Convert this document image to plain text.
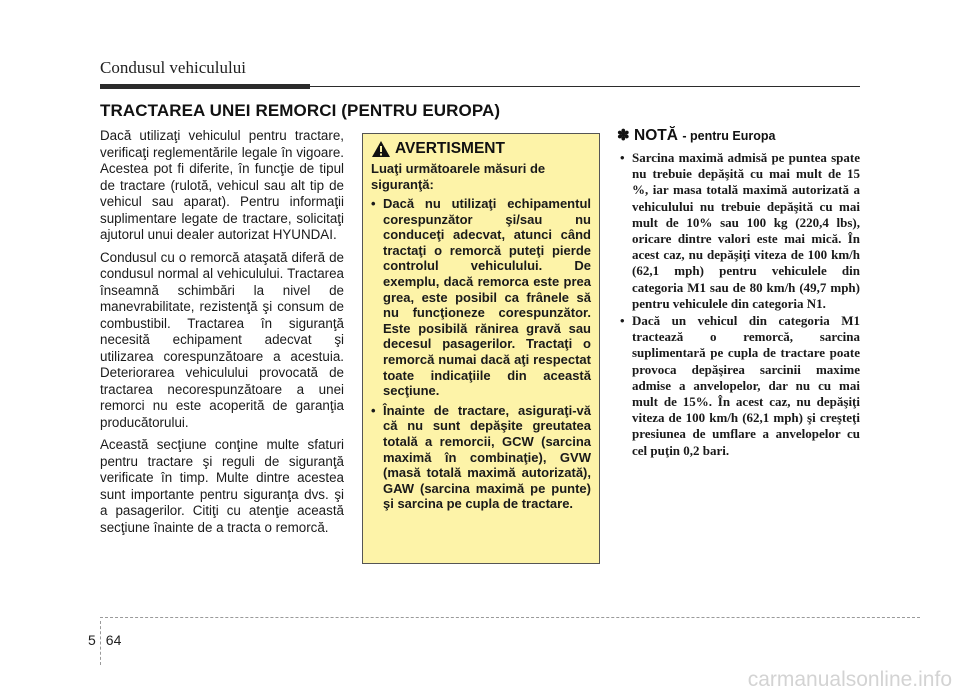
Condusul vehiculului
TRACTAREA UNEI REMORCI (PENTRU EUROPA)

Dacă utilizaţi vehiculul pentru tractare, verificaţi reglementările legale în vigoare. Acestea pot fi diferite, în funcţie de tipul de tractare (rulotă, vehicul sau alt tip de vehicul sau aparat). Pentru informaţii suplimentare legate de tractare, solicitaţi ajutorul unui dealer autorizat HYUNDAI.

Condusul cu o remorcă ataşată diferă de condusul normal al vehiculului. Tractarea înseamnă schimbări la nivel de manevrabilitate, rezistenţă şi consum de combustibil. Tractarea în siguranţă necesită echipament adecvat şi utilizarea corespunzătoare a acestuia. Deteriorarea vehiculului provocată de tractarea necorespunzătoare a unei remorci nu este acoperită de garanţia producătorului.

Această secţiune conţine multe sfaturi pentru tractare şi reguli de siguranţă verificate în timp. Multe dintre acestea sunt importante pentru siguranţa dvs. şi a pasagerilor. Citiţi cu atenţie această secţiune înainte de a tracta o remorcă.

AVERTISMENT

Luaţi următoarele măsuri de siguranţă:

• Dacă nu utilizaţi echipamentul corespunzător şi/sau nu conduceţi adecvat, atunci când tractaţi o remorcă puteţi pierde controlul vehiculului. De exemplu, dacă remorca este prea grea, este posibil ca frânele să nu funcţioneze corespunzător. Este posibilă rănirea gravă sau decesul pasagerilor. Tractaţi o remorcă numai dacă aţi respectat toate indicaţiile din această secţiune.
• Înainte de tractare, asiguraţi-vă că nu sunt depăşite greutatea totală a remorcii, GCW (sarcina maximă în combinaţie), GVW (masă totală maximă autorizată), GAW (sarcina maximă pe punte) şi sarcina pe cupla de tractare.
✽ NOTĂ - pentru Europa
• Sarcina maximă admisă pe puntea spate nu trebuie depăşită cu mai mult de 15 %, iar masa totală maximă autorizată a vehiculului nu trebuie depăşită cu mai mult de 10% sau 100 kg (220,4 lbs), oricare dintre valori este mai mică. În acest caz, nu depăşiţi viteza de 100 km/h (62,1 mph) pentru vehiculele din categoria M1 sau de 80 km/h (49,7 mph) pentru vehiculele din categoria N1.
• Dacă un vehicul din categoria M1 tractează o remorcă, sarcina suplimentară pe cupla de tractare poate provoca depăşirea sarcinii maxime admise a anvelopelor, dar nu cu mai mult de 15%. În acest caz, nu depăşiţi viteza de 100 km/h (62,1 mph) şi creşteţi presiunea de umflare a anvelopelor cu cel puţin 0,2 bari.
5 64
carmanualsonline.info
